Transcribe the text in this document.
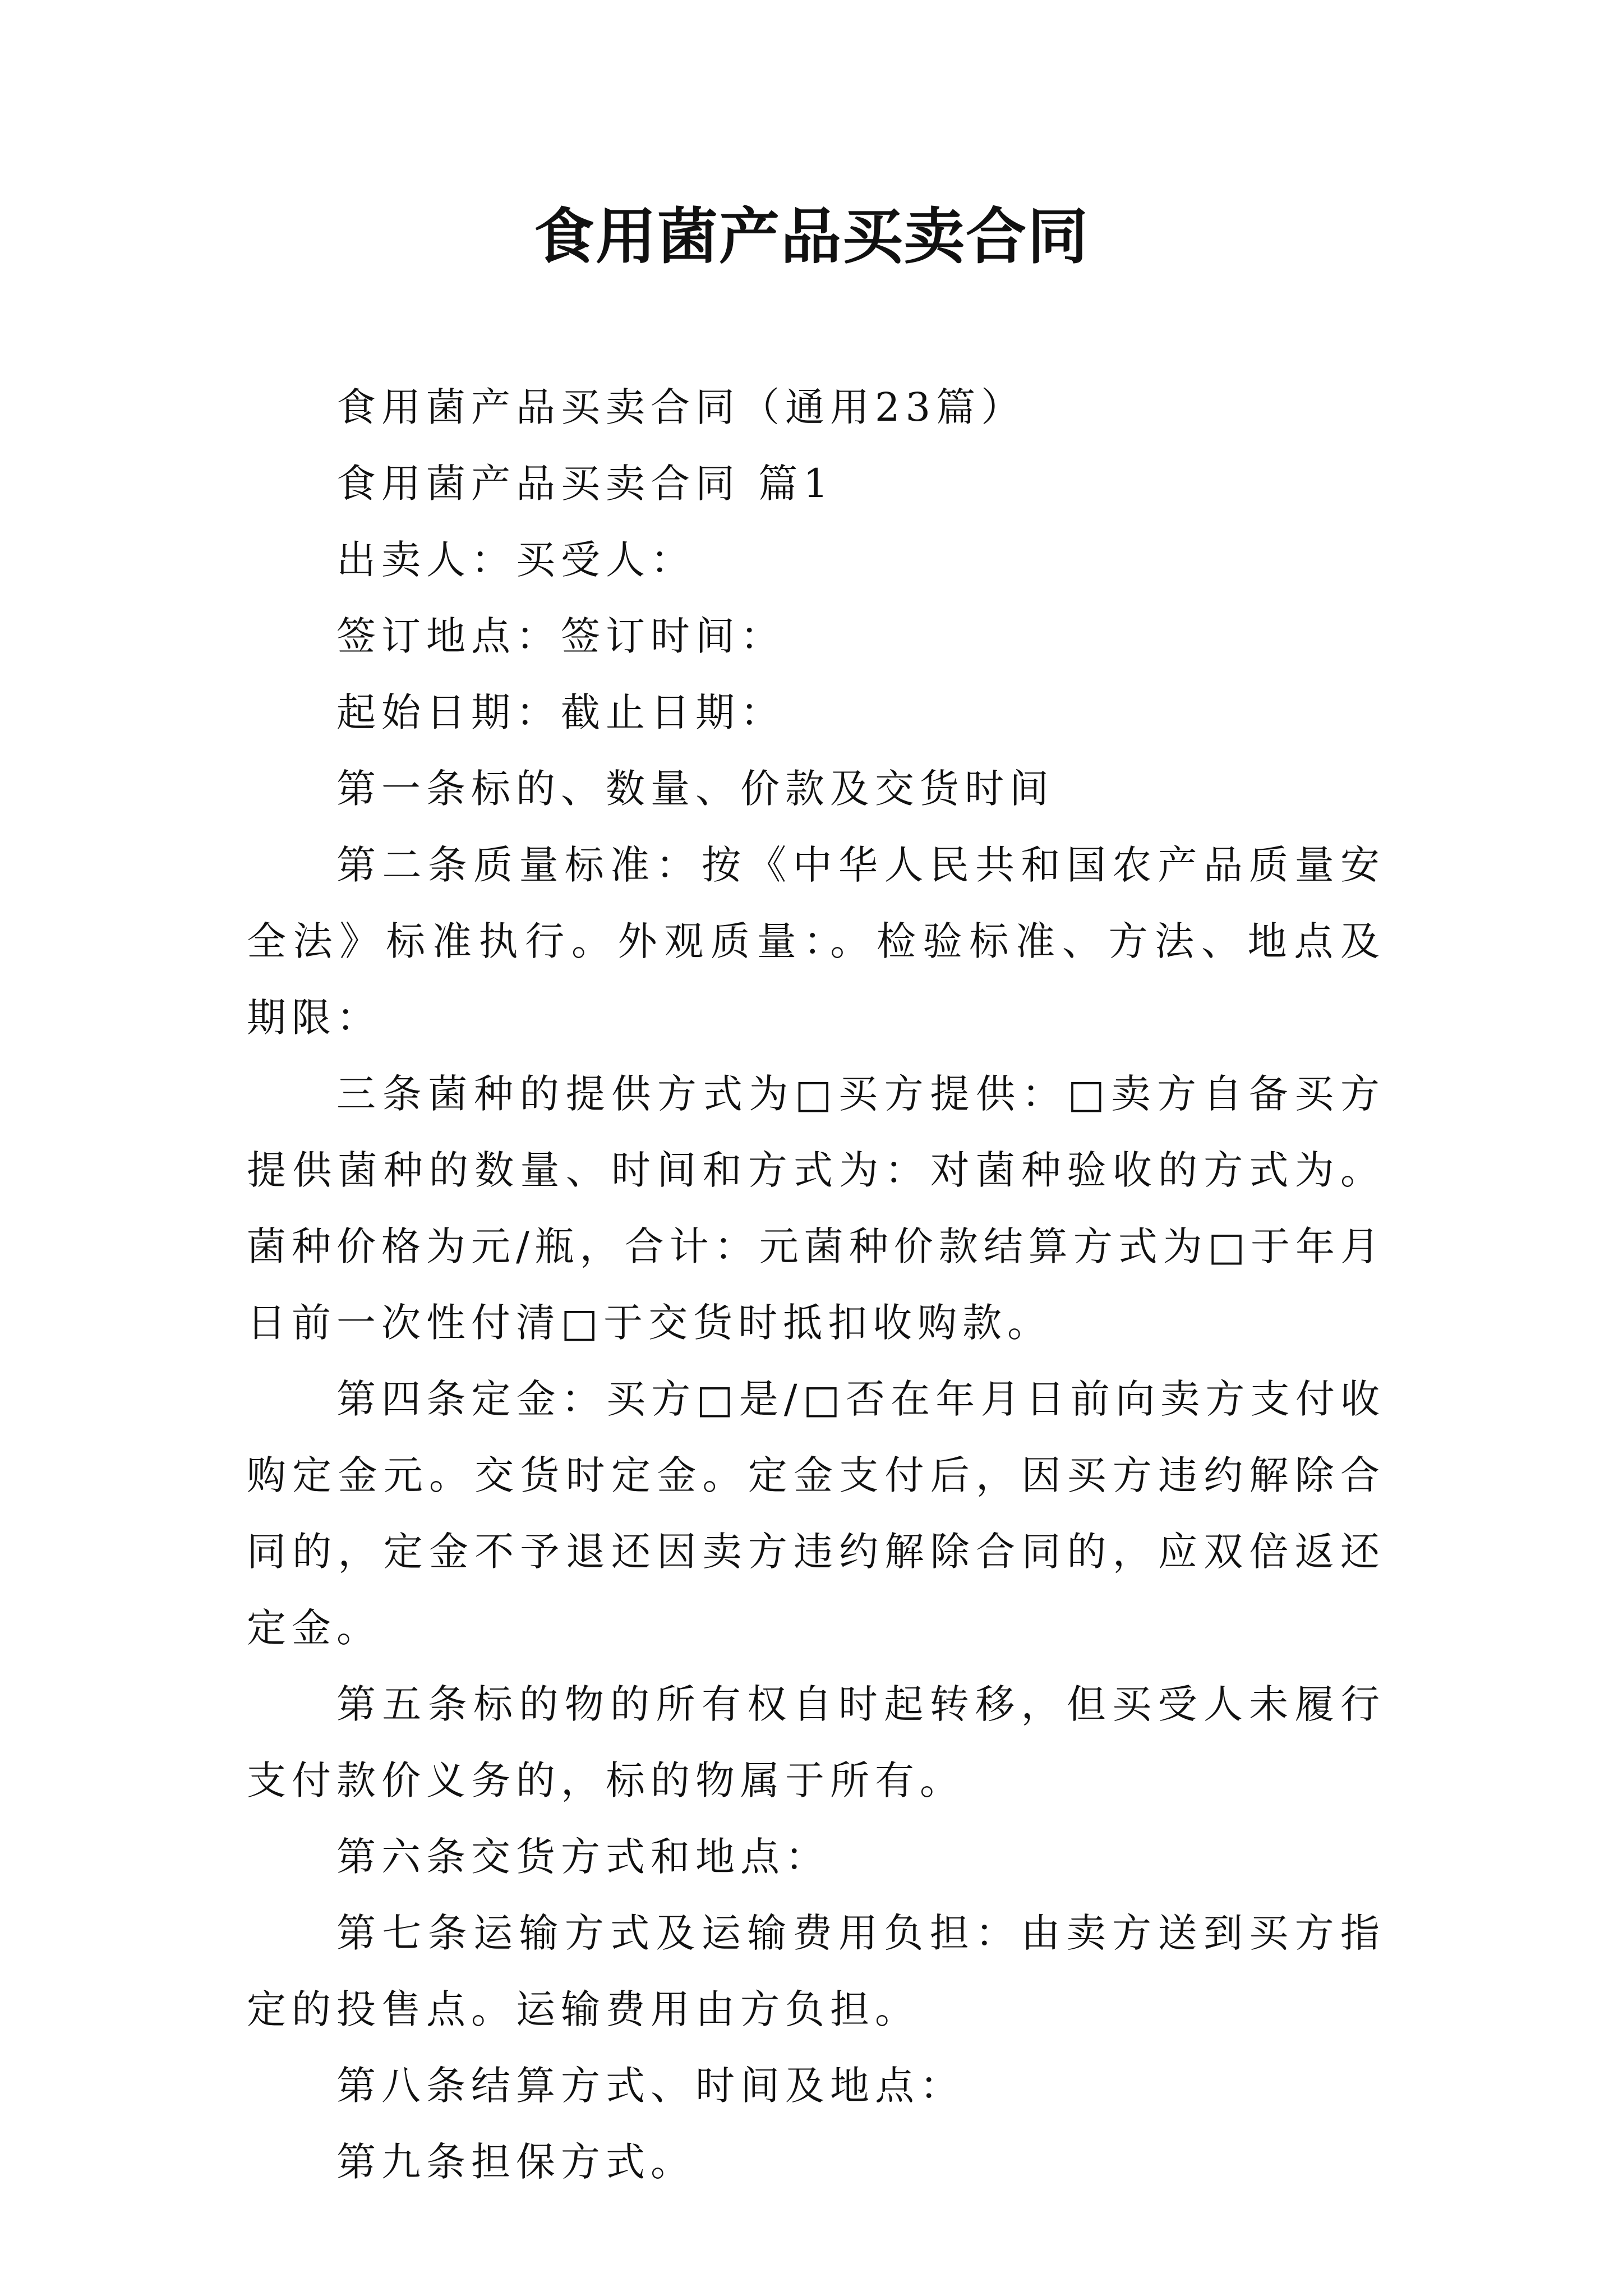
食用菌产品买卖合同

食用菌产品买卖合同（通用23篇）

食用菌产品买卖合同 篇1

出卖人：买受人：

签订地点：签订时间：

起始日期：截止日期：

第一条标的、数量、价款及交货时间

第二条质量标准：按《中华人民共和国农产品质量安全法》标准执行。外观质量：。检验标准、方法、地点及期限：

三条菌种的提供方式为□买方提供：□卖方自备买方提供菌种的数量、时间和方式为：对菌种验收的方式为。菌种价格为元/瓶，合计：元菌种价款结算方式为□于年月日前一次性付清□于交货时抵扣收购款。

第四条定金：买方□是/□否在年月日前向卖方支付收购定金元。交货时定金。定金支付后，因买方违约解除合同的，定金不予退还因卖方违约解除合同的，应双倍返还定金。

第五条标的物的所有权自时起转移，但买受人未履行支付款价义务的，标的物属于所有。

第六条交货方式和地点：

第七条运输方式及运输费用负担：由卖方送到买方指定的投售点。运输费用由方负担。

第八条结算方式、时间及地点：

第九条担保方式。
